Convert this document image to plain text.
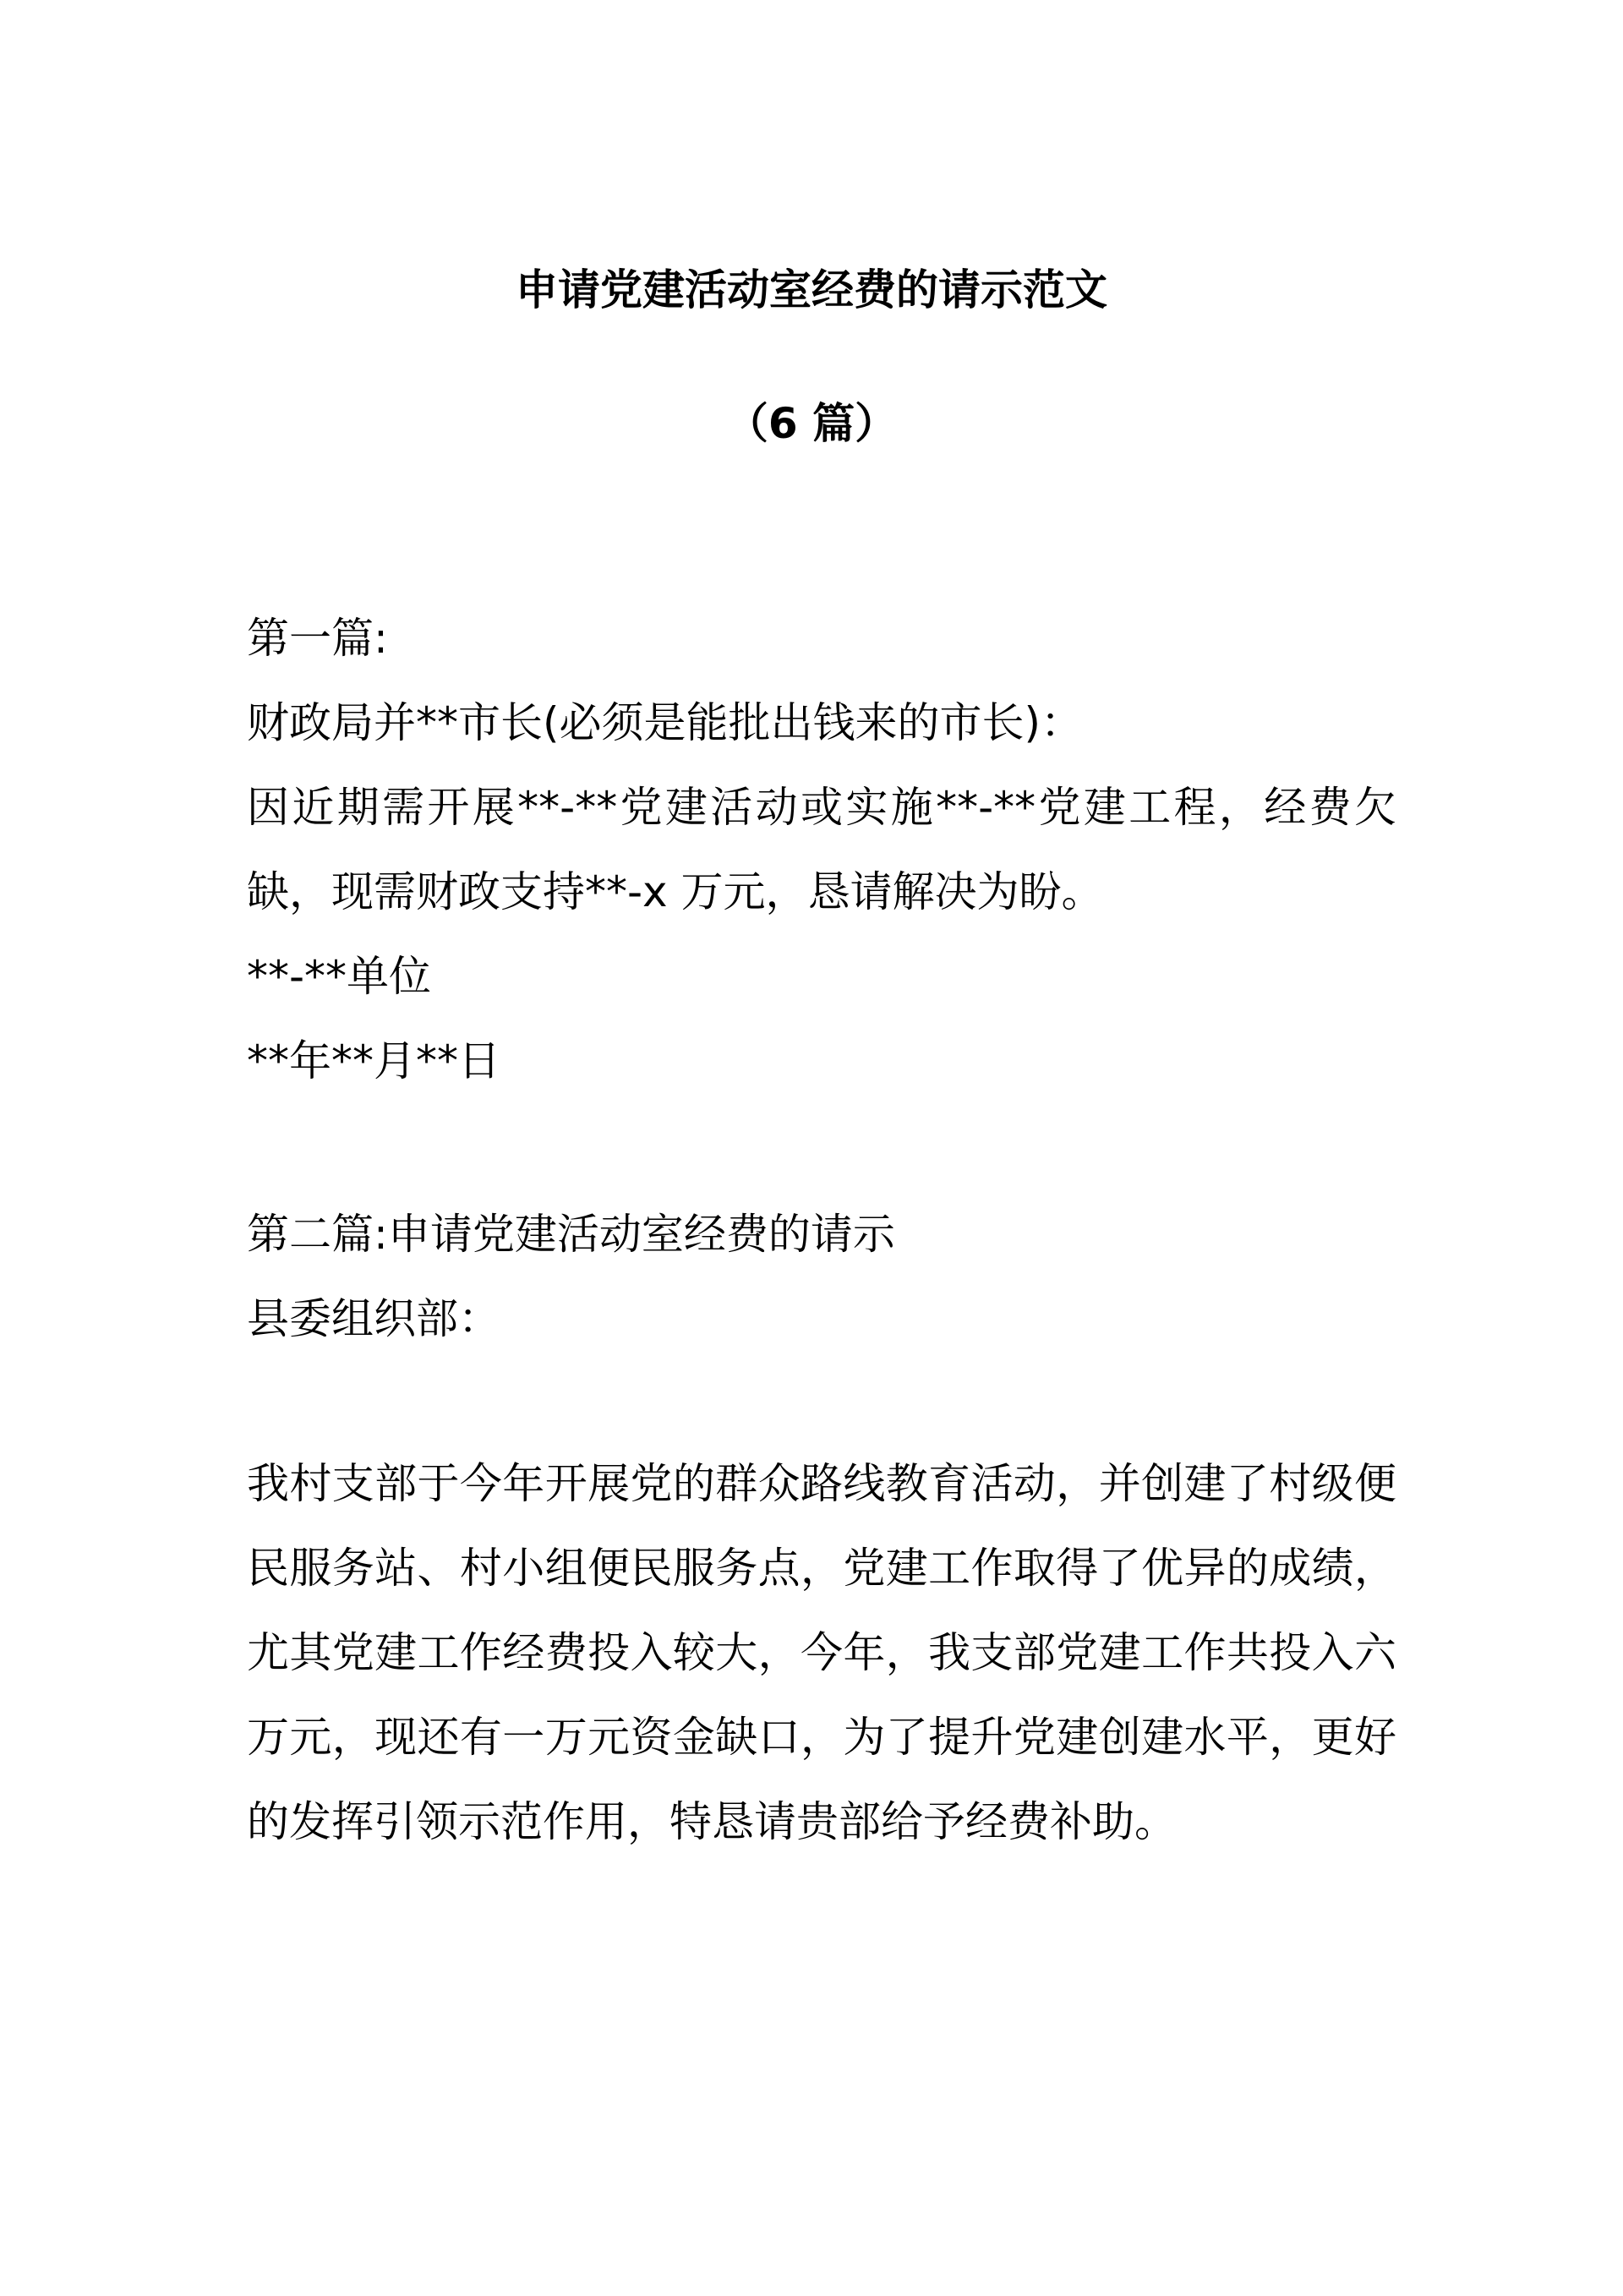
申请党建活动室经费的请示范文
（6 篇）
第一篇:
财政局并**市长(必须是能批出钱来的市长)：
因近期需开展**-**党建活动或实施**-**党建工程，经费欠缺，现需财政支持**-x 万元，恳请解决为盼。
**-**单位
**年**月**日
第二篇:申请党建活动室经费的请示
县委组织部：
我村支部于今年开展党的群众路线教育活动，并创建了村级便民服务站、村小组便民服务点，党建工作取得了优异的成绩，尤其党建工作经费投入较大，今年，我支部党建工作共投入六万元，现还有一万元资金缺口，为了提升党建创建水平，更好的发挥引领示范作用，特恳请贵部给予经费补助。
